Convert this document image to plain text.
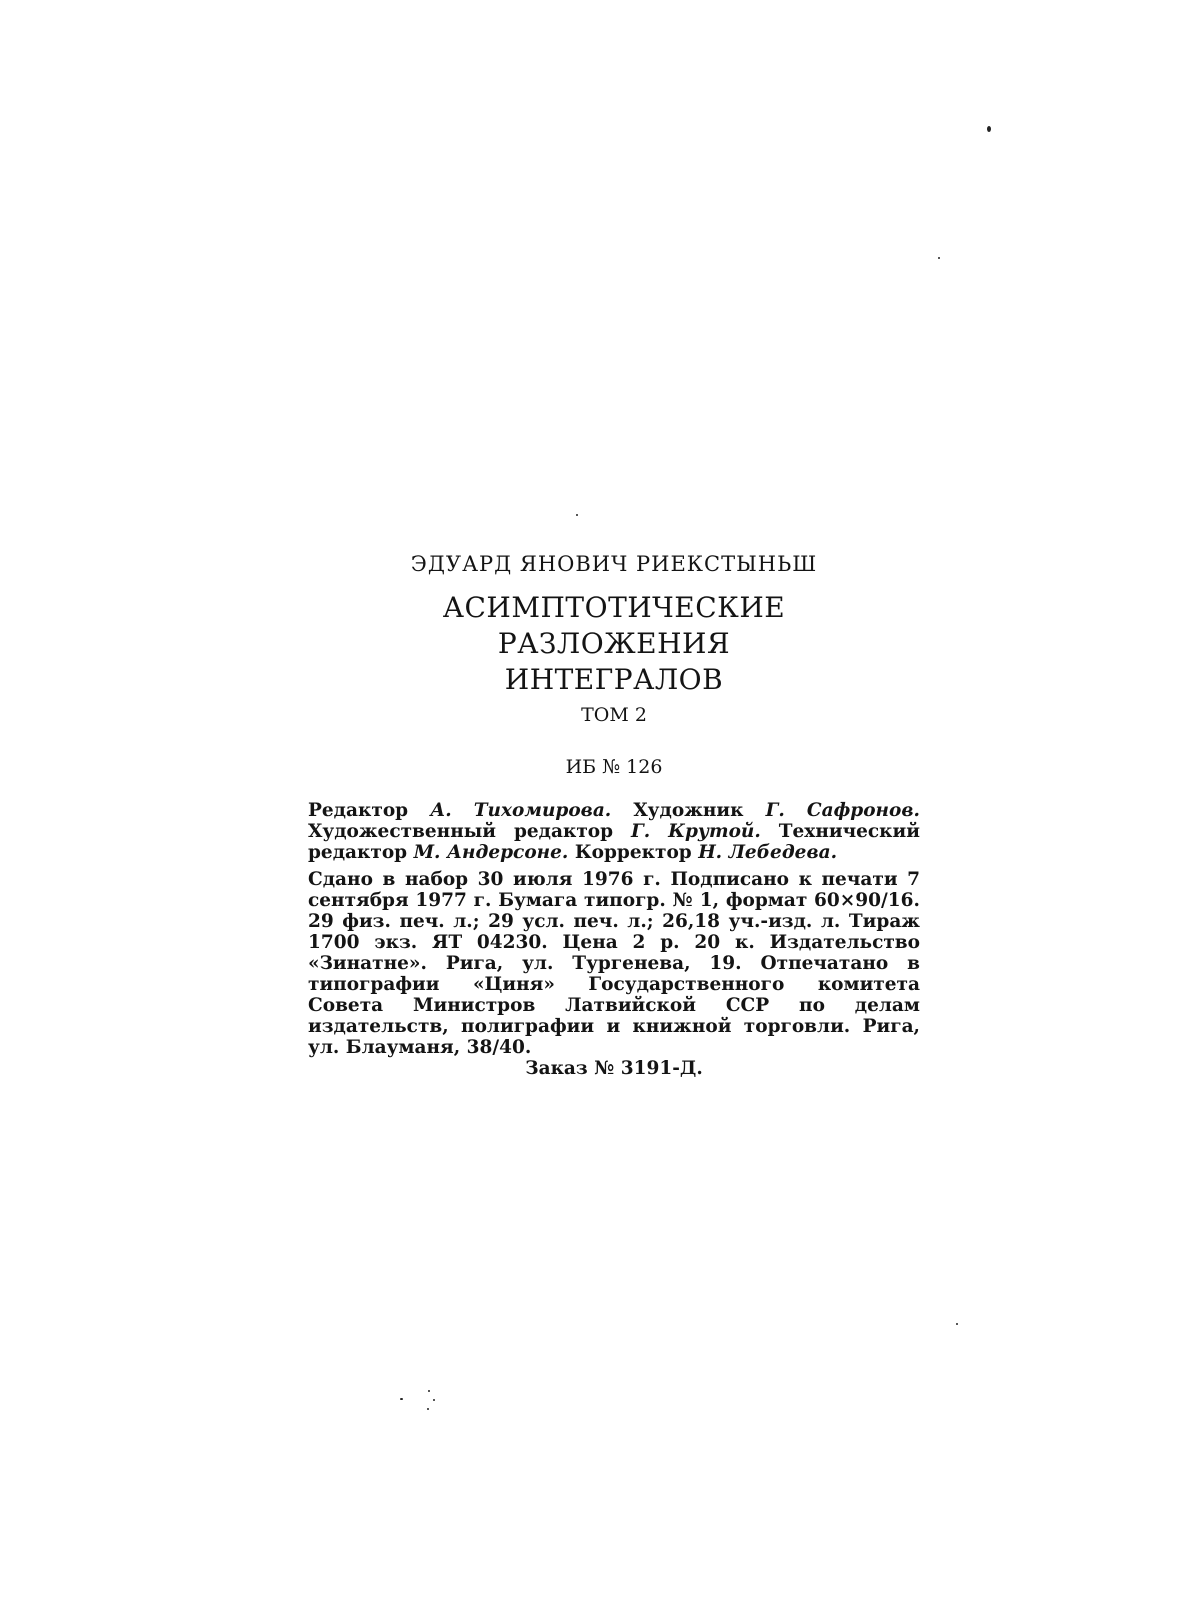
ЭДУАРД ЯНОВИЧ РИЕКСТЫНЬШ

АСИМПТОТИЧЕСКИЕ
РАЗЛОЖЕНИЯ
ИНТЕГРАЛОВ

ТОМ 2

ИБ № 126

Редактор А. Тихомирова. Художник Г. Сафронов. Художественный редактор Г. Крутой. Технический редактор М. Андерсоне. Корректор Н. Лебедева.

Сдано в набор 30 июля 1976 г. Подписано к печати 7 сентября 1977 г. Бумага типогр. № 1, формат 60×90/16. 29 физ. печ. л.; 29 усл. печ. л.; 26,18 уч.-изд. л. Тираж 1700 экз. ЯТ 04230. Цена 2 р. 20 к. Издательство «Зинатне». Рига, ул. Тургенева, 19. Отпечатано в типографии «Циня» Государственного комитета Совета Министров Латвийской ССР по делам издательств, полиграфии и книжной торговли. Рига, ул. Блауманя, 38/40.

Заказ № 3191-Д.
